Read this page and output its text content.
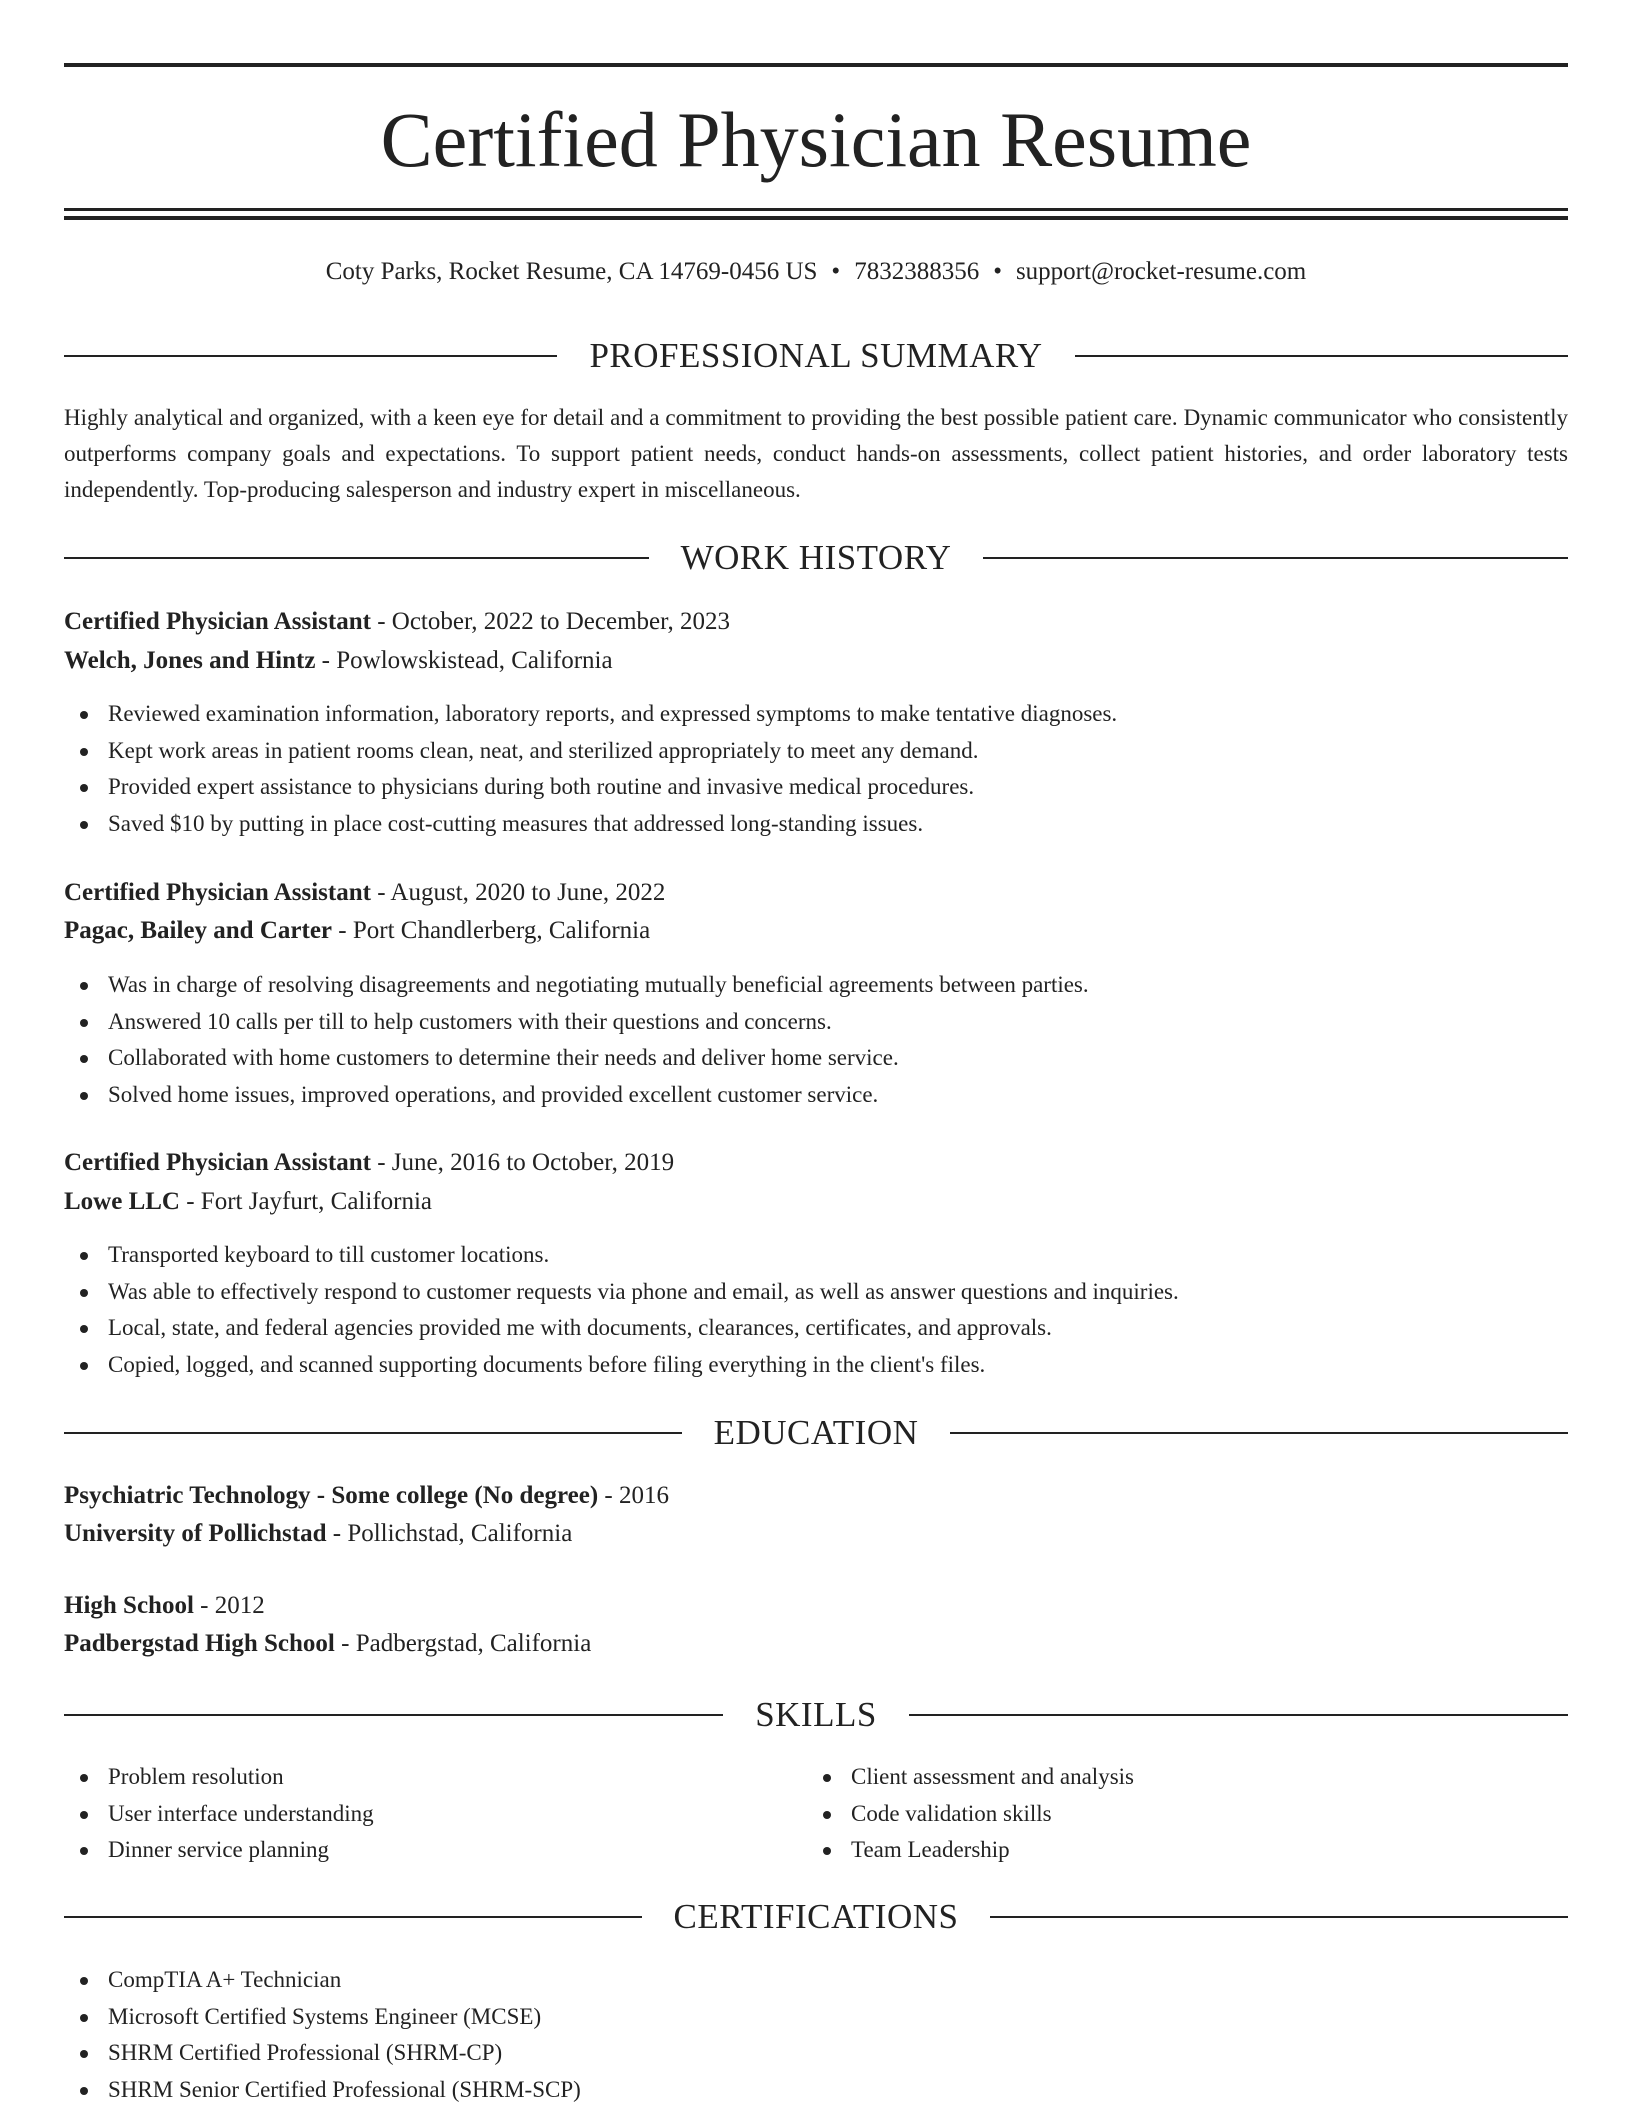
Certified Physician Resume
Coty Parks, Rocket Resume, CA 14769-0456 US • 7832388356 • support@rocket-resume.com
PROFESSIONAL SUMMARY
Highly analytical and organized, with a keen eye for detail and a commitment to providing the best possible patient care. Dynamic communicator who consistently outperforms company goals and expectations. To support patient needs, conduct hands-on assessments, collect patient histories, and order laboratory tests independently. Top-producing salesperson and industry expert in miscellaneous.
WORK HISTORY
Certified Physician Assistant - October, 2022 to December, 2023
Welch, Jones and Hintz - Powlowskistead, California
Reviewed examination information, laboratory reports, and expressed symptoms to make tentative diagnoses.
Kept work areas in patient rooms clean, neat, and sterilized appropriately to meet any demand.
Provided expert assistance to physicians during both routine and invasive medical procedures.
Saved $10 by putting in place cost-cutting measures that addressed long-standing issues.
Certified Physician Assistant - August, 2020 to June, 2022
Pagac, Bailey and Carter - Port Chandlerberg, California
Was in charge of resolving disagreements and negotiating mutually beneficial agreements between parties.
Answered 10 calls per till to help customers with their questions and concerns.
Collaborated with home customers to determine their needs and deliver home service.
Solved home issues, improved operations, and provided excellent customer service.
Certified Physician Assistant - June, 2016 to October, 2019
Lowe LLC - Fort Jayfurt, California
Transported keyboard to till customer locations.
Was able to effectively respond to customer requests via phone and email, as well as answer questions and inquiries.
Local, state, and federal agencies provided me with documents, clearances, certificates, and approvals.
Copied, logged, and scanned supporting documents before filing everything in the client's files.
EDUCATION
Psychiatric Technology - Some college (No degree) - 2016
University of Pollichstad - Pollichstad, California
High School - 2012
Padbergstad High School - Padbergstad, California
SKILLS
Problem resolution
User interface understanding
Dinner service planning
Client assessment and analysis
Code validation skills
Team Leadership
CERTIFICATIONS
CompTIA A+ Technician
Microsoft Certified Systems Engineer (MCSE)
SHRM Certified Professional (SHRM-CP)
SHRM Senior Certified Professional (SHRM-SCP)
